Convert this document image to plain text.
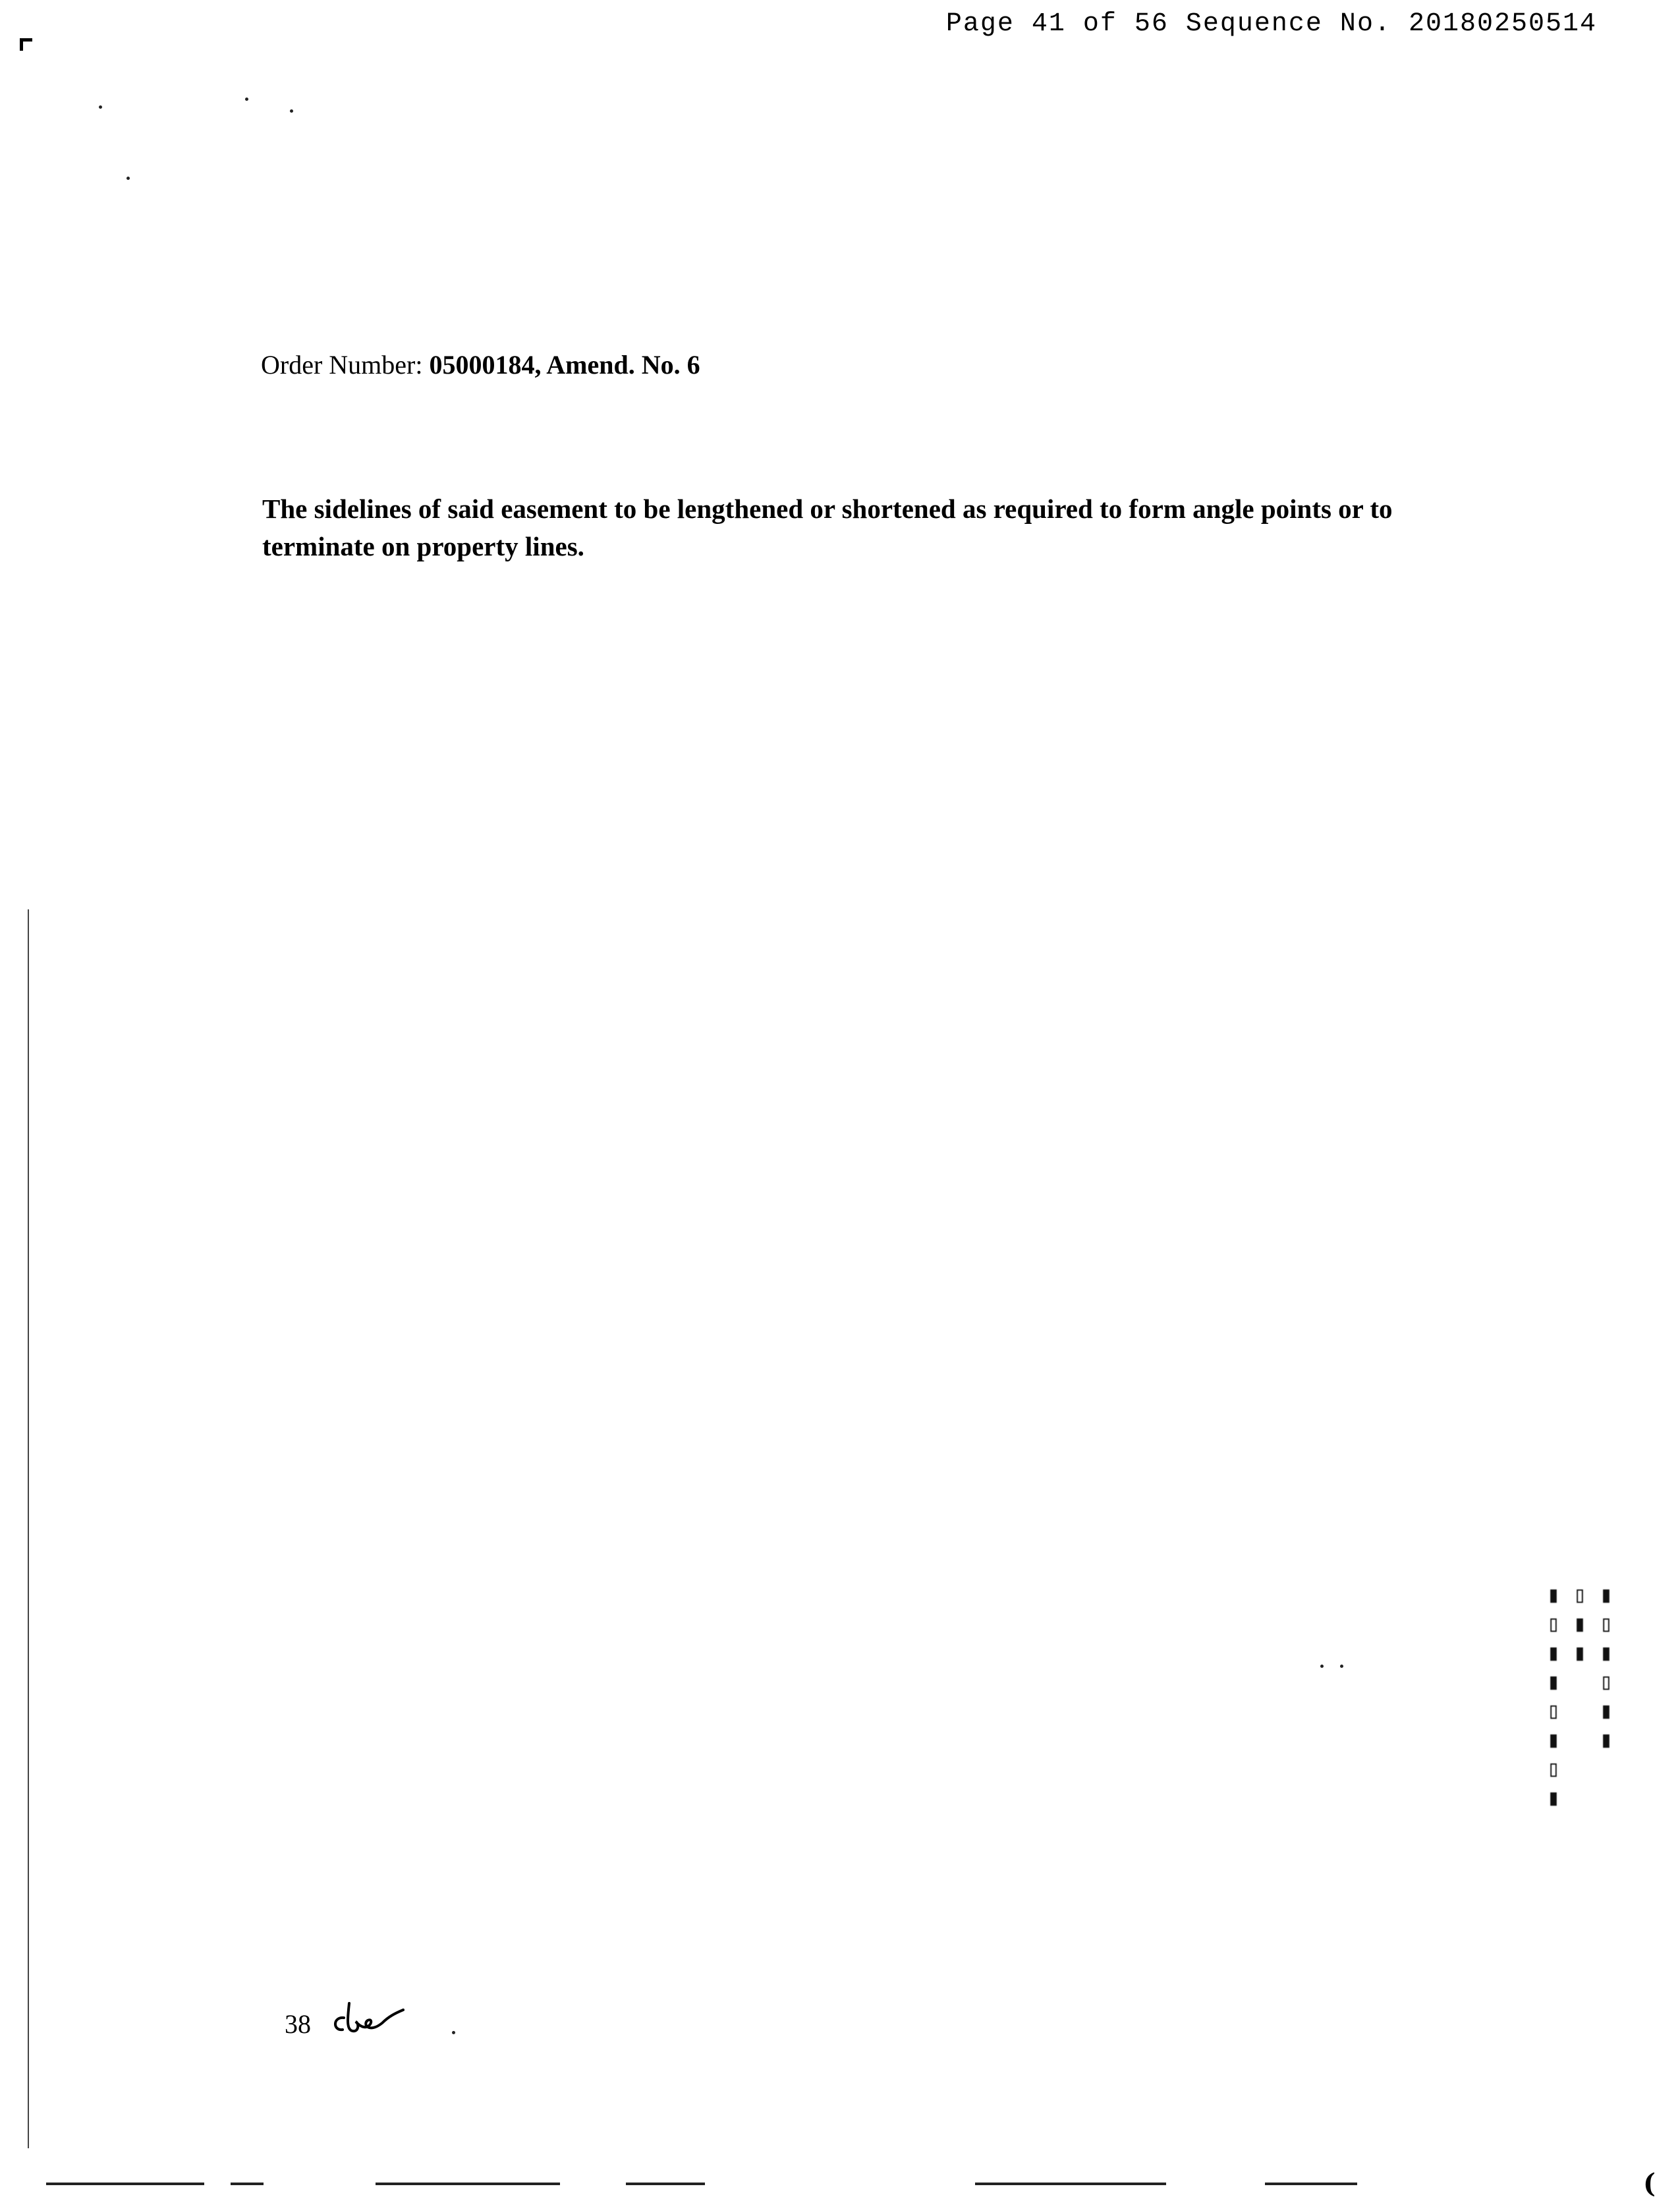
Page 41 of 56 Sequence No. 20180250514
Order Number: 05000184, Amend. No. 6

The sidelines of said easement to be lengthened or shortened as required to form angle points or to terminate on property lines.

38
▮▯▮▯▮▮ ▯▮▮ ▮▯▮▮▯▮▯▮
(
